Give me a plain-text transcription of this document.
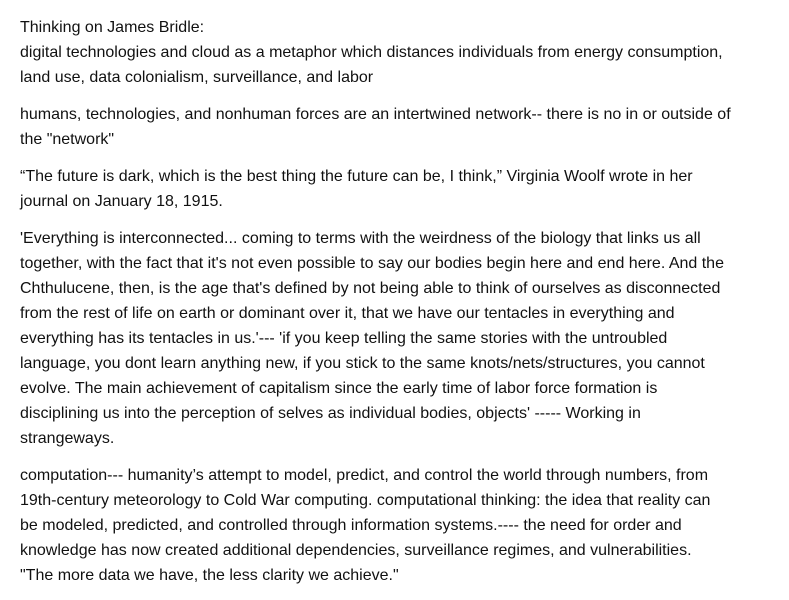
Thinking on James Bridle:
digital technologies and cloud as a metaphor which distances individuals from energy consumption,
land use, data colonialism, surveillance, and labor
humans, technologies, and nonhuman forces are an intertwined network-- there is no in or outside of
the "network"
“The future is dark, which is the best thing the future can be, I think,” Virginia Woolf wrote in her
journal on January 18, 1915.
'Everything is interconnected... coming to terms with the weirdness of the biology that links us all
together, with the fact that it's not even possible to say our bodies begin here and end here. And the
Chthulucene, then, is the age that's defined by not being able to think of ourselves as disconnected
from the rest of life on earth or dominant over it, that we have our tentacles in everything and
everything has its tentacles in us.'--- 'if you keep telling the same stories with the untroubled
language, you dont learn anything new, if you stick to the same knots/nets/structures, you cannot
evolve. The main achievement of capitalism since the early time of labor force formation is
disciplining us into the perception of selves as individual bodies, objects' ----- Working in
strangeways.
computation--- humanity’s attempt to model, predict, and control the world through numbers, from
19th-century meteorology to Cold War computing. computational thinking: the idea that reality can
be modeled, predicted, and controlled through information systems.---- the need for order and
knowledge has now created additional dependencies, surveillance regimes, and vulnerabilities.
"The more data we have, the less clarity we achieve."
